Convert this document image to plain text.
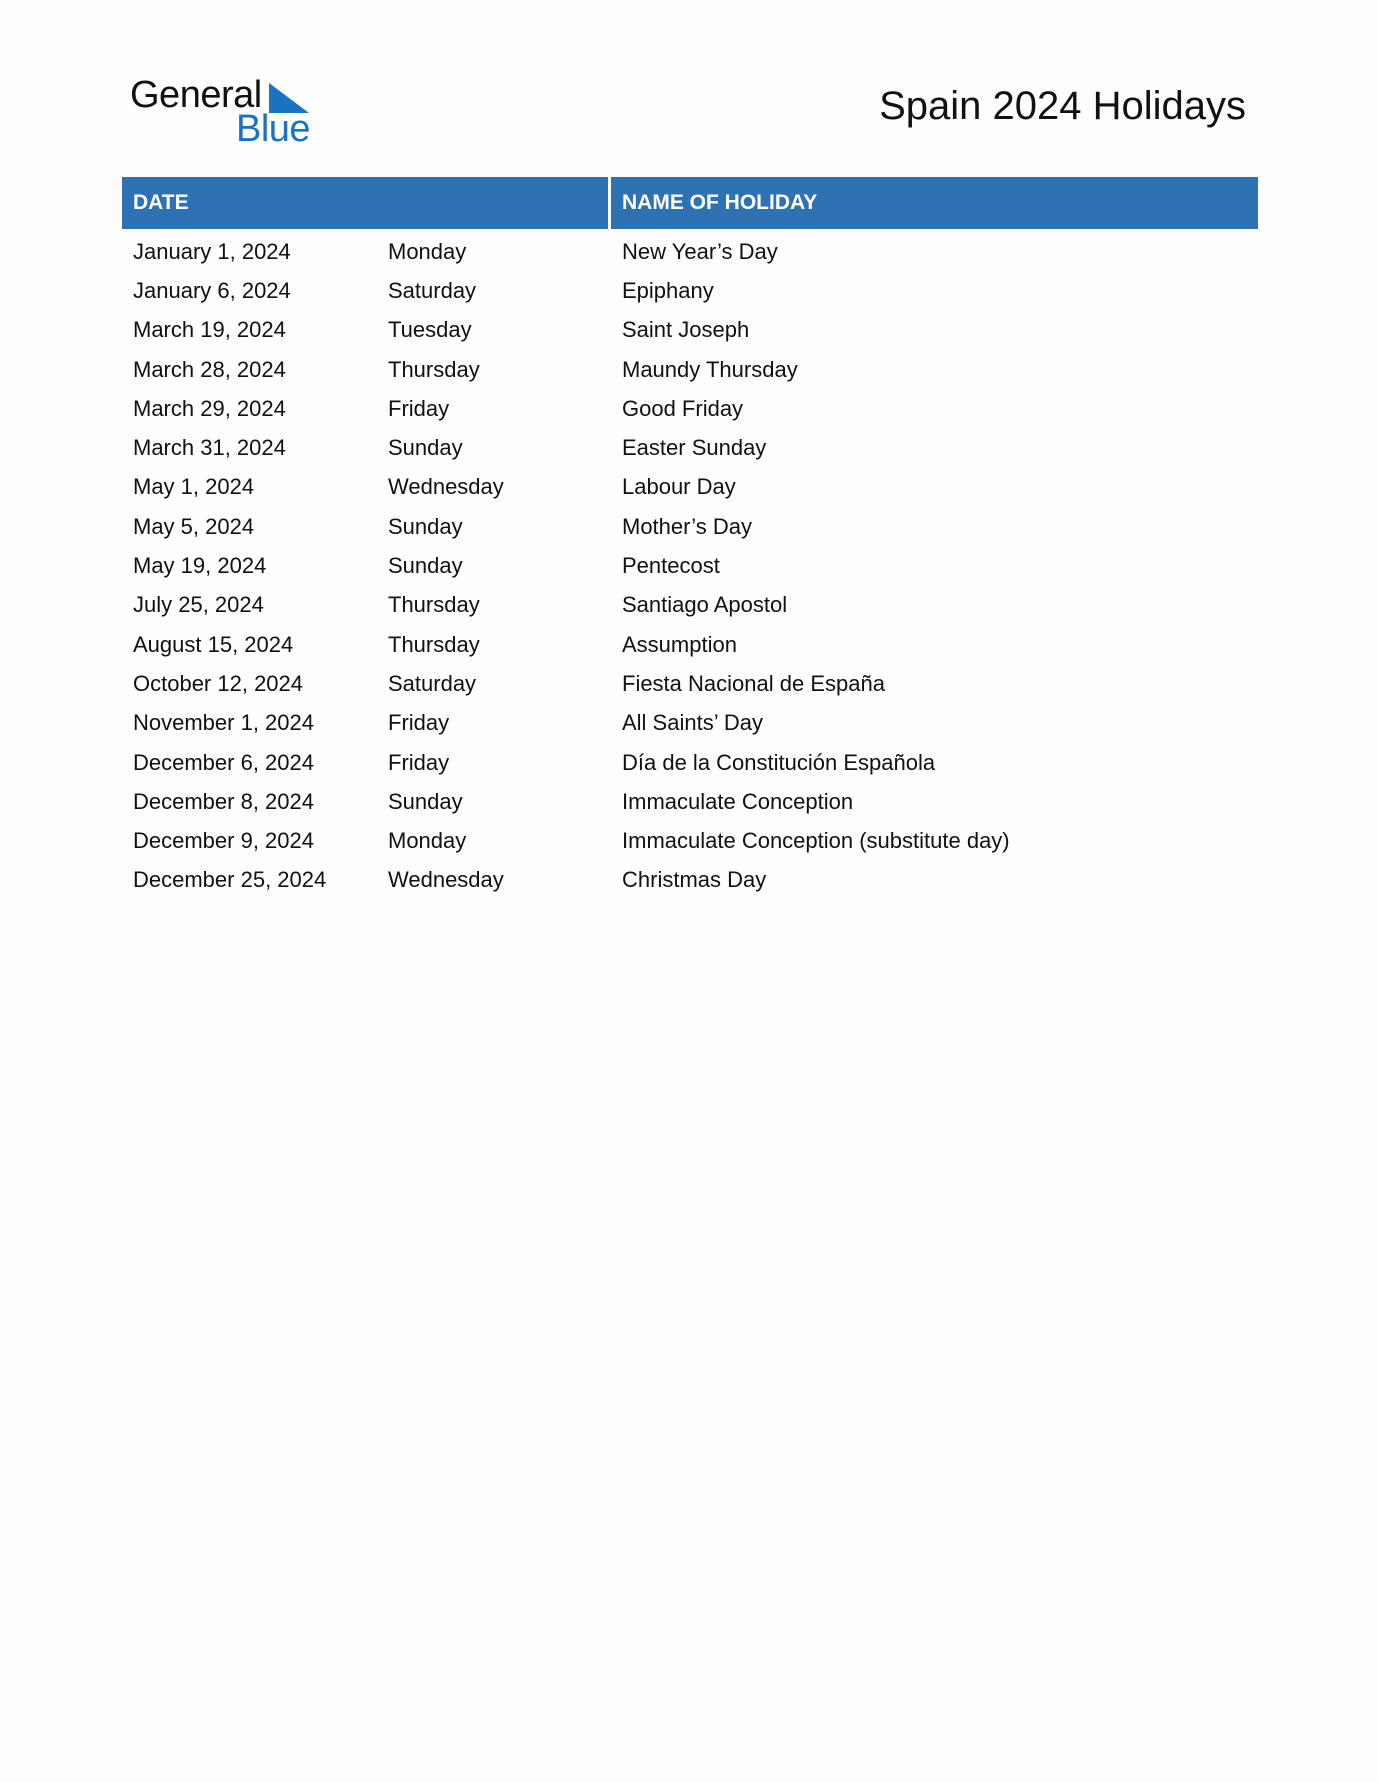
General
Blue
Spain 2024 Holidays
DATE	NAME OF HOLIDAY
January 1, 2024	Monday	New Year’s Day
January 6, 2024	Saturday	Epiphany
March 19, 2024	Tuesday	Saint Joseph
March 28, 2024	Thursday	Maundy Thursday
March 29, 2024	Friday	Good Friday
March 31, 2024	Sunday	Easter Sunday
May 1, 2024	Wednesday	Labour Day
May 5, 2024	Sunday	Mother’s Day
May 19, 2024	Sunday	Pentecost
July 25, 2024	Thursday	Santiago Apostol
August 15, 2024	Thursday	Assumption
October 12, 2024	Saturday	Fiesta Nacional de España
November 1, 2024	Friday	All Saints’ Day
December 6, 2024	Friday	Día de la Constitución Española
December 8, 2024	Sunday	Immaculate Conception
December 9, 2024	Monday	Immaculate Conception (substitute day)
December 25, 2024	Wednesday	Christmas Day
